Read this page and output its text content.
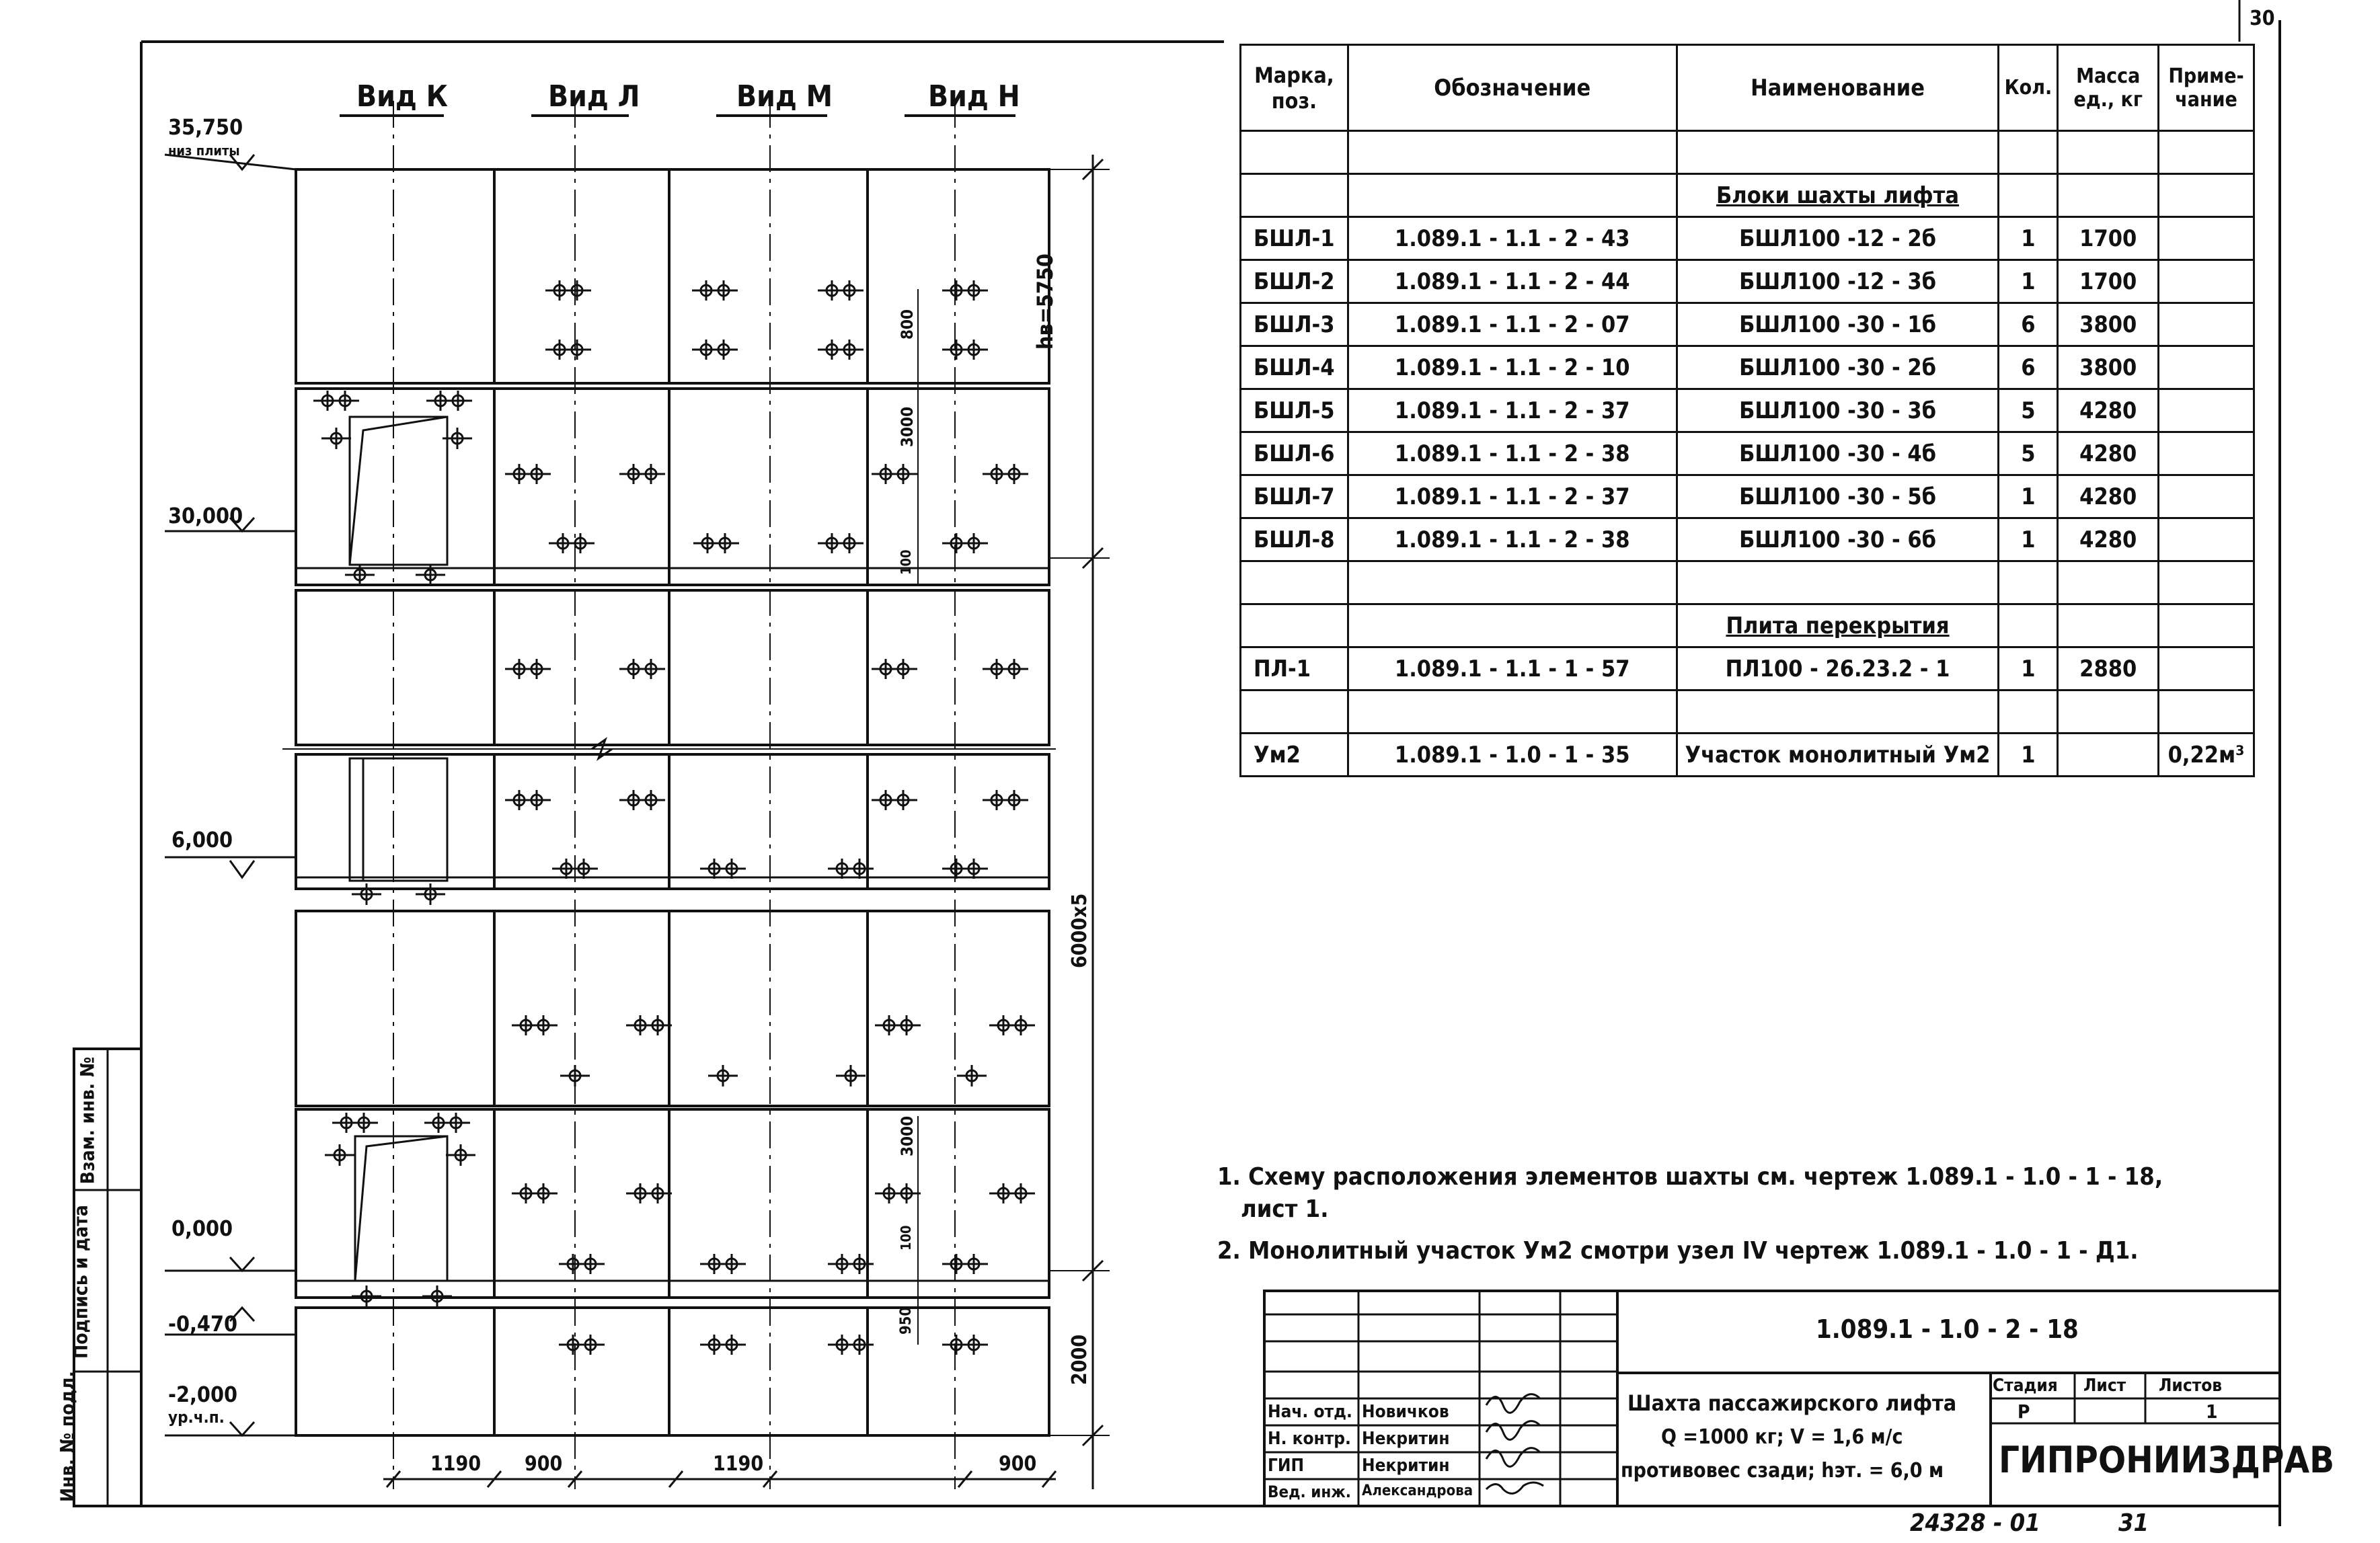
30
Инв. № подл.
Подпись и дата
Взам. инв. №
Вид К	Вид Л	Вид М	Вид Н
35,750
низ плиты
30,000
6,000
0,000
-0,470
-2,000
ур.ч.п.
hв=5750
6000x5
2000
800
3000
100
3000
100
950
1190 900	1190	900
Марка, поз.	Обозначение	Наименование	Кол.	Масса ед., кг	Приме-чание

		Блоки шахты лифта			
БШЛ-1	1.089.1 - 1.1 - 2 - 43	БШЛ100 -12 - 2б	1	1700	
БШЛ-2	1.089.1 - 1.1 - 2 - 44	БШЛ100 -12 - 3б	1	1700	
БШЛ-3	1.089.1 - 1.1 - 2 - 07	БШЛ100 -30 - 1б	6	3800	
БШЛ-4	1.089.1 - 1.1 - 2 - 10	БШЛ100 -30 - 2б	6	3800	
БШЛ-5	1.089.1 - 1.1 - 2 - 37	БШЛ100 -30 - 3б	5	4280	
БШЛ-6	1.089.1 - 1.1 - 2 - 38	БШЛ100 -30 - 4б	5	4280	
БШЛ-7	1.089.1 - 1.1 - 2 - 37	БШЛ100 -30 - 5б	1	4280	
БШЛ-8	1.089.1 - 1.1 - 2 - 38	БШЛ100 -30 - 6б	1	4280	

		Плита перекрытия			
ПЛ-1	1.089.1 - 1.1 - 1 - 57	ПЛ100 - 26.23.2 - 1	1	2880	

Ум2	1.089.1 - 1.0 - 1 - 35	Участок монолитный Ум2	1		0,22м³
1. Схему расположения элементов шахты см. чертеж 1.089.1 - 1.0 - 1 - 18,
лист 1.
2. Монолитный участок Ум2 смотри узел IV чертеж 1.089.1 - 1.0 - 1 - Д1.
1.089.1 - 1.0 - 2 - 18
Шахта пассажирского лифта
Q =1000 кг; V = 1,6 м/с
противовес сзади; hэт. = 6,0 м
Стадия Лист Листов
Р	1
ГИПРОНИИЗДРАВ
Нач. отд. Новичков
Н. контр. Некритин
ГИП	Некритин
Вед. инж. Александрова
24328 - 01	31
